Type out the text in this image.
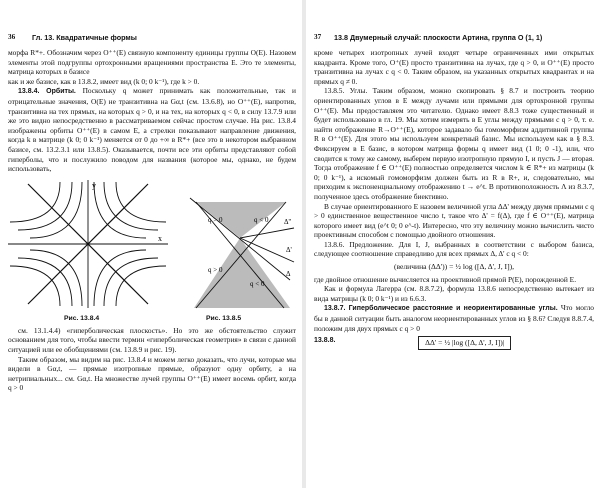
36 Гл. 13. Квадратичные формы

морфа R*+. Обозначим через O⁺⁺(E) связную компоненту единицы группы O(E). Назовем элементы этой подгруппы ортохронными вращениями пространства E. Это те элементы, матрица которых в базисе

как и же базисе, как в 13.8.2, имеет вид (k 0; 0 k⁻¹), где k > 0.

13.8.4. Орбиты. Поскольку q может принимать как положительные, так и отрицательные значения, O(E) не транзитивна на Gα,t (см. 13.6.8), но O⁺⁺(E), напротив, транзитивна на тех прямых, на которых q > 0, и на тех, на которых q < 0, в силу 13.7.9 или же это видно непосредственно в рассматриваемом сейчас простом случае. На рис. 13.8.4 изображены орбиты O⁺⁺(E) в самом E, а стрелки показывают направление движения, когда k в матрице (k 0; 0 k⁻¹) меняется от 0 до +∞ в R*+ (все это в некотором выбранном базисе, см. 13.2.3.1 или 13.8.5). Оказывается, почти все эти орбиты представляют собой гиперболы, что и послужило поводом для названия (которое мы, однако, не будем использовать,

y
x
q > 0	q < 0
q > 0
q < 0
Δ''
Δ'
Δ
Рис. 13.8.4	Рис. 13.8.5

см. 13.1.4.4) «гиперболическая плоскость». Но это же обстоятельство служит основанием для того, чтобы ввести термин «гиперболическая геометрия» в связи с данной ситуацией или ее обобщениями (см. 13.8.9 и рис. 19).

Таким образом, мы видим на рис. 13.8.4 и можем легко доказать, что лучи, которые мы видели в Gα,t, — прямые изотропные прямые, образуют одну орбиту, а на нетрипиальных... см. Gα,t. На множестве лучей группы O⁺⁺(E) имеет восемь орбит, когда q > 0

37 13.8 Двумерный случай: плоскости Артина, группа O (1, 1)

кроме четырех изотропных лучей входят четыре ограниченных ими открытых квадранта. Кроме того, O⁺(E) просто транзитивна на лучах, где q > 0, и O⁺⁺(E) просто транзитивна на лучах с q < 0. Таким образом, на указанных открытых квадрантах и на прямых q ≠ 0.

13.8.5. Углы. Таким образом, можно скопировать § 8.7 и построить теорию ориентированных углов в E между лучами или прямыми для ортохронной группы O⁺⁺(E). Мы предоставляем это читателю. Однако имеет 8.8.3 тоже существенный и будет использовано в гл. 19. Мы хотим измерять в E углы между прямыми с q > 0, т. е. найти отображение R→O⁺⁺(E), которое задавало бы гомоморфизм аддитивной группы R в O⁺⁺(E). Для этого мы используем конкретный базис. Мы используем как в § 8.3. Фиксируем в E базис, в котором матрица формы q имеет вид (1 0; 0 -1), или, что сводится к тому же самому, выберем первую изотропную прямую I, и пусть J — вторая. Тогда отображение f ∈ O⁺⁺(E) полностью определяется числом k ∈ R*+ из матрицы (k 0; 0 k⁻¹), а искомый гомоморфизм должен быть из R в R+, и, следовательно, мы приходим к экспоненциальному отображению t → e^t. В противоположность Λ из 8.3.7, полученное здесь отображение биективно.

В случае ориентированного E назовем величиной угла ΔΔ' между двумя прямыми с q > 0 единственное вещественное число t, такое что Δ' = f(Δ), где f ∈ O⁺⁺(E), матрица которого имеет вид (e^t 0; 0 e^-t). Интересно, что эту величину можно вычислить чисто проективным способом с помощью двойного отношения.

13.8.6. Предложение. Для I, J, выбранных в соответствии с выбором базиса, следующее соотношение справедливо для всех прямых Δ, Δ' с q < 0:

(величина (ΔΔ')) = ½ log ([Δ, Δ', J, I]),

где двойное отношение вычисляется на проективной прямой P(E), порожденной E.

Как и формула Лагерра (см. 8.8.7.2), формула 13.8.6 непосредственно вытекает из вида матрицы (k 0; 0 k⁻¹) и из 6.6.3.

13.8.7. Гиперболическое расстояние и неориентированные углы. Что могло бы в данной ситуации быть аналогом неориентированных углов из § 8.6? Следуя 8.8.7.4, положим для двух прямых с q > 0

13.8.8.	ΔΔ' = ½ |log ([Δ, Δ', J, I])|
